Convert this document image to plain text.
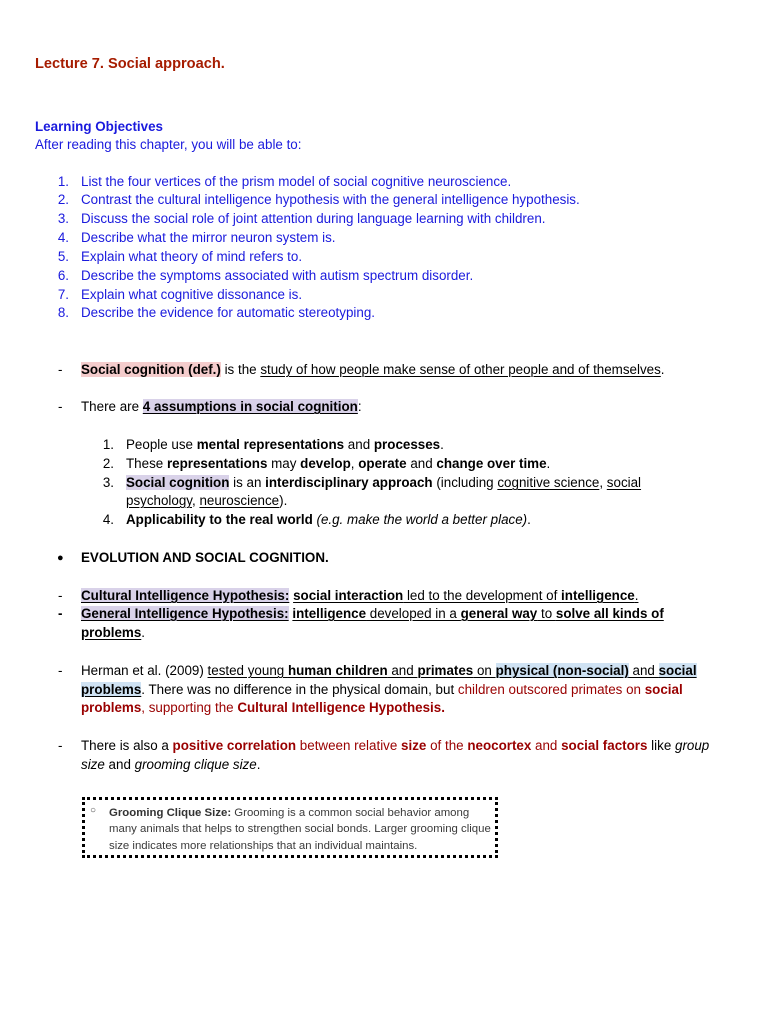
Lecture 7. Social approach.
Learning Objectives
After reading this chapter, you will be able to:
1. List the four vertices of the prism model of social cognitive neuroscience.
2. Contrast the cultural intelligence hypothesis with the general intelligence hypothesis.
3. Discuss the social role of joint attention during language learning with children.
4. Describe what the mirror neuron system is.
5. Explain what theory of mind refers to.
6. Describe the symptoms associated with autism spectrum disorder.
7. Explain what cognitive dissonance is.
8. Describe the evidence for automatic stereotyping.
- Social cognition (def.) is the study of how people make sense of other people and of themselves.
- There are 4 assumptions in social cognition:
1. People use mental representations and processes.
2. These representations may develop, operate and change over time.
3. Social cognition is an interdisciplinary approach (including cognitive science, social
psychology, neuroscience).
4. Applicability to the real world (e.g. make the world a better place).
● EVOLUTION AND SOCIAL COGNITION.
- Cultural Intelligence Hypothesis: social interaction led to the development of intelligence.
- General Intelligence Hypothesis: intelligence developed in a general way to solve all kinds of
problems.
- Herman et al. (2009) tested young human children and primates on physical (non-social) and social
problems. There was no difference in the physical domain, but children outscored primates on social
problems, supporting the Cultural Intelligence Hypothesis.
- There is also a positive correlation between relative size of the neocortex and social factors like group
size and grooming clique size.
○ Grooming Clique Size: Grooming is a common social behavior among many animals that helps to strengthen social bonds. Larger grooming clique size indicates more relationships that an individual maintains.
